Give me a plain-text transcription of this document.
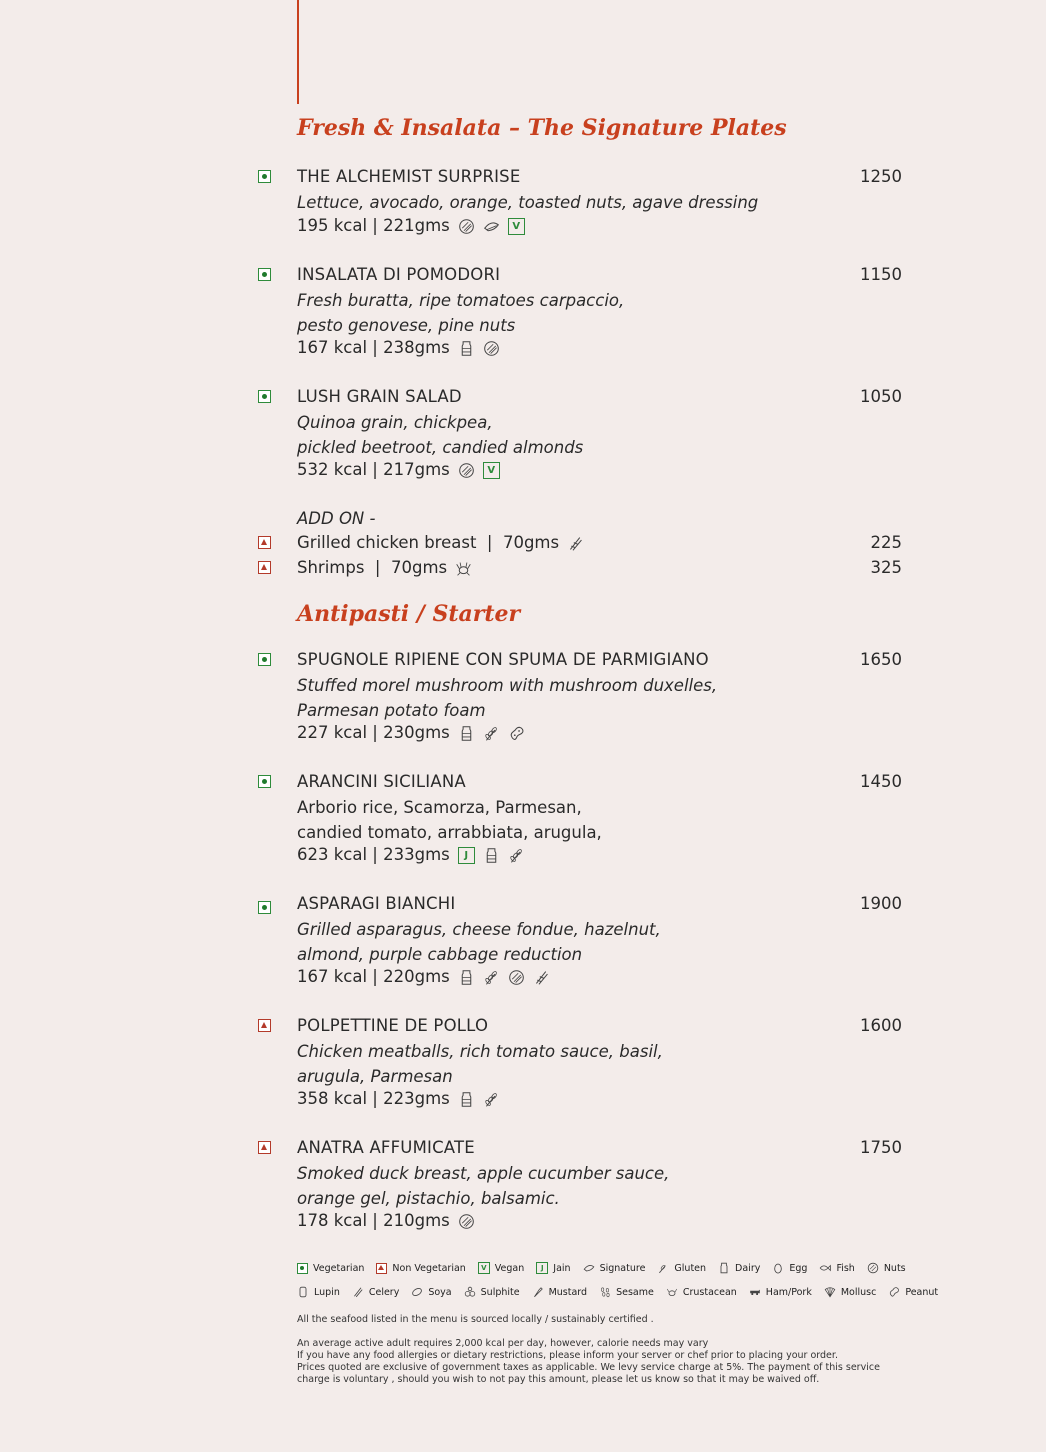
Fresh & Insalata – The Signature Plates
THE ALCHEMIST SURPRISE	1250
Lettuce, avocado, orange, toasted nuts, agave dressing
195 kcal | 221gms	V
INSALATA DI POMODORI	1150
Fresh buratta, ripe tomatoes carpaccio,
pesto genovese, pine nuts
167 kcal | 238gms
LUSH GRAIN SALAD	1050
Quinoa grain, chickpea,
pickled beetroot, candied almonds
532 kcal | 217gms	V
ADD ON -
Grilled chicken breast  |  70gms	225
Shrimps  |  70gms	325
Antipasti / Starter
SPUGNOLE RIPIENE CON SPUMA DE PARMIGIANO	1650
Stuffed morel mushroom with mushroom duxelles,
Parmesan potato foam
227 kcal | 230gms
ARANCINI SICILIANA	1450
Arborio rice, Scamorza, Parmesan,
candied tomato, arrabbiata, arugula,
623 kcal | 233gms	J
ASPARAGI BIANCHI	1900
Grilled asparagus, cheese fondue, hazelnut,
almond, purple cabbage reduction
167 kcal | 220gms
POLPETTINE DE POLLO	1600
Chicken meatballs, rich tomato sauce, basil,
arugula, Parmesan
358 kcal | 223gms
ANATRA AFFUMICATE	1750
Smoked duck breast, apple cucumber sauce,
orange gel, pistachio, balsamic.
178 kcal | 210gms
Vegetarian	Non Vegetarian	V Vegan	J	Jain	Signature	Gluten	Dairy	Egg	Fish	Nuts
Lupin	Celery	Soya	Sulphite	Mustard	Sesame	Crustacean	Ham/Pork	Mollusc	Peanut
All the seafood listed in the menu is sourced locally / sustainably certified .
An average active adult requires 2,000 kcal per day, however, calorie needs may vary
If you have any food allergies or dietary restrictions, please inform your server or chef prior to placing your order.
Prices quoted are exclusive of government taxes as applicable. We levy service charge at 5%. The payment of this service
charge is voluntary , should you wish to not pay this amount, please let us know so that it may be waived off.
